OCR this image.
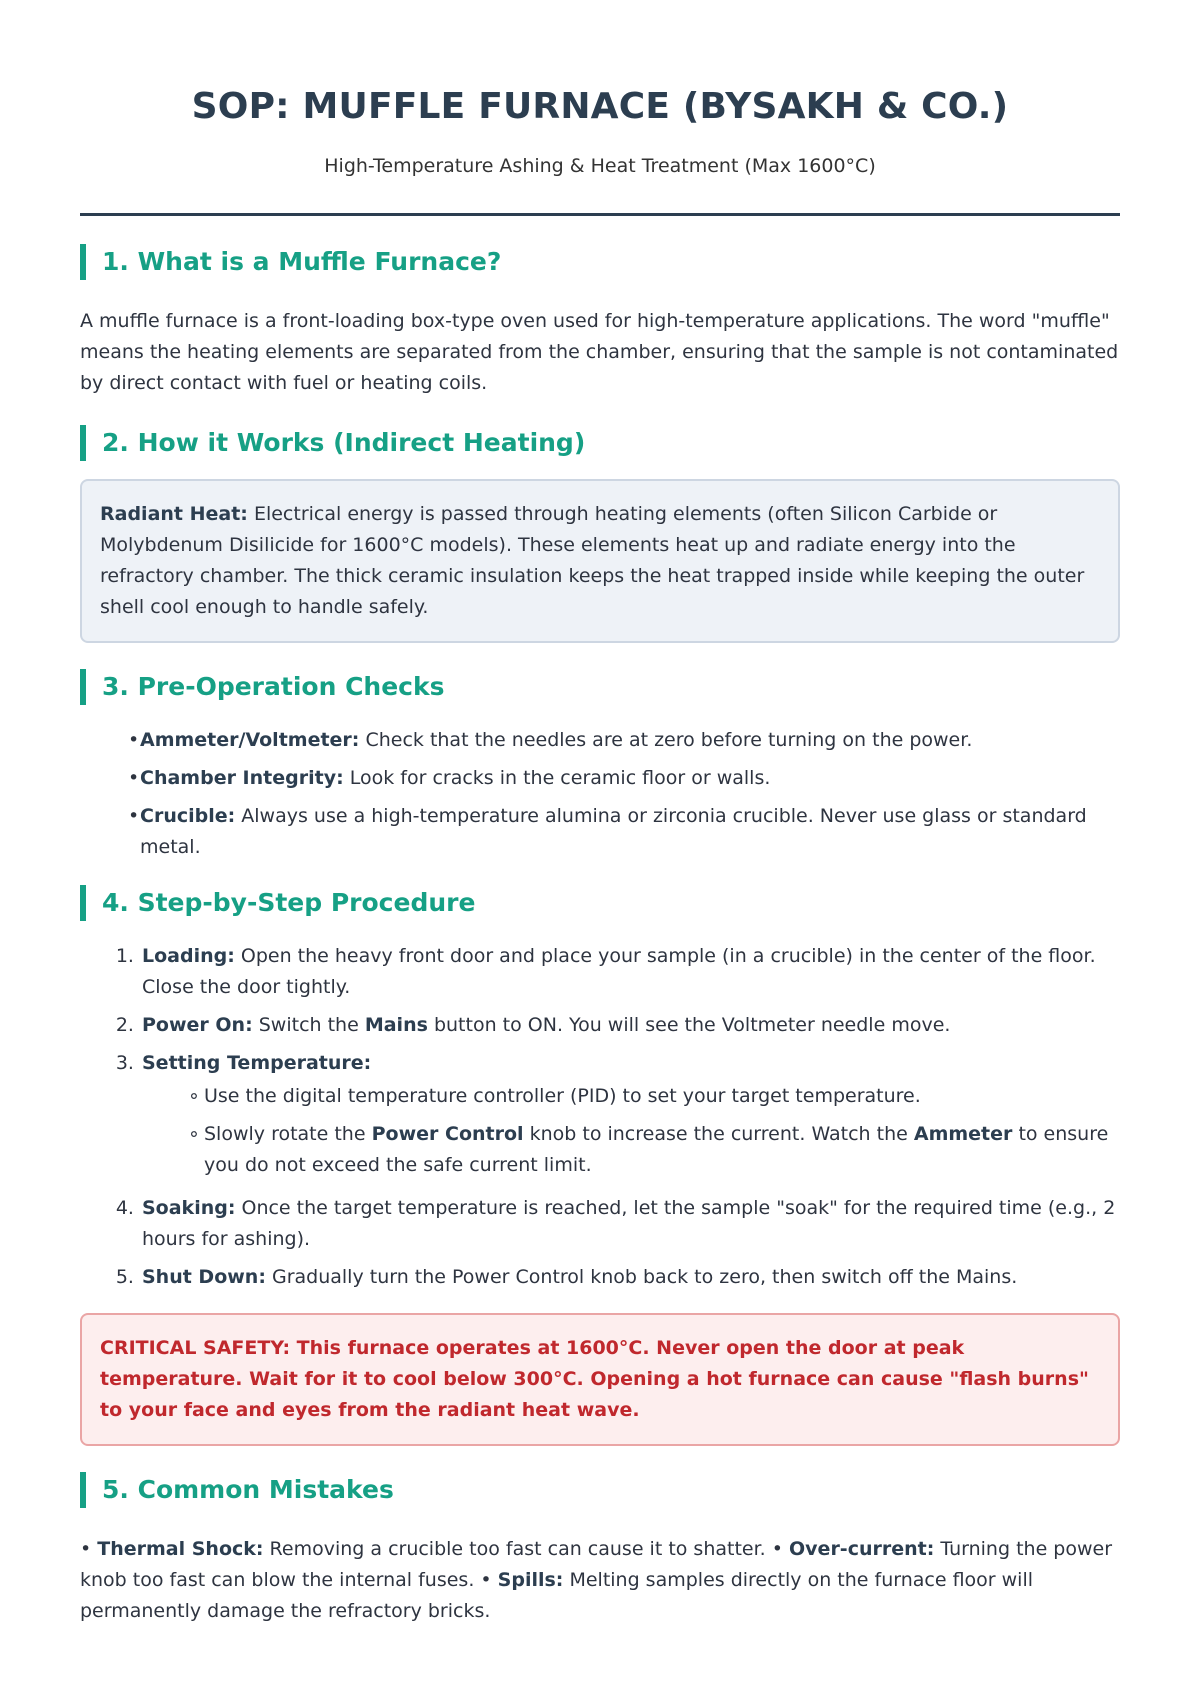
SOP: MUFFLE FURNACE (BYSAKH & CO.)
High-Temperature Ashing & Heat Treatment (Max 1600°C)
1. What is a Muffle Furnace?

A muffle furnace is a front-loading box-type oven used for high-temperature applications. The word "muffle" means the heating elements are separated from the chamber, ensuring that the sample is not contaminated by direct contact with fuel or heating coils.

2. How it Works (Indirect Heating)
Radiant Heat: Electrical energy is passed through heating elements (often Silicon Carbide or Molybdenum Disilicide for 1600°C models). These elements heat up and radiate energy into the refractory chamber. The thick ceramic insulation keeps the heat trapped inside while keeping the outer shell cool enough to handle safely.
3. Pre-Operation Checks
• Ammeter/Voltmeter: Check that the needles are at zero before turning on the power.
• Chamber Integrity: Look for cracks in the ceramic floor or walls.
• Crucible: Always use a high-temperature alumina or zirconia crucible. Never use glass or standard metal.
4. Step-by-Step Procedure
1. Loading: Open the heavy front door and place your sample (in a crucible) in the center of the floor. Close the door tightly.
2. Power On: Switch the Mains button to ON. You will see the Voltmeter needle move.
3. Setting Temperature:
∘ Use the digital temperature controller (PID) to set your target temperature.
∘ Slowly rotate the Power Control knob to increase the current. Watch the Ammeter to ensure you do not exceed the safe current limit.
4. Soaking: Once the target temperature is reached, let the sample "soak" for the required time (e.g., 2 hours for ashing).
5. Shut Down: Gradually turn the Power Control knob back to zero, then switch off the Mains.
CRITICAL SAFETY: This furnace operates at 1600°C. Never open the door at peak temperature. Wait for it to cool below 300°C. Opening a hot furnace can cause "flash burns" to your face and eyes from the radiant heat wave.
5. Common Mistakes

• Thermal Shock: Removing a crucible too fast can cause it to shatter. • Over-current: Turning the power knob too fast can blow the internal fuses. • Spills: Melting samples directly on the furnace floor will permanently damage the refractory bricks.
